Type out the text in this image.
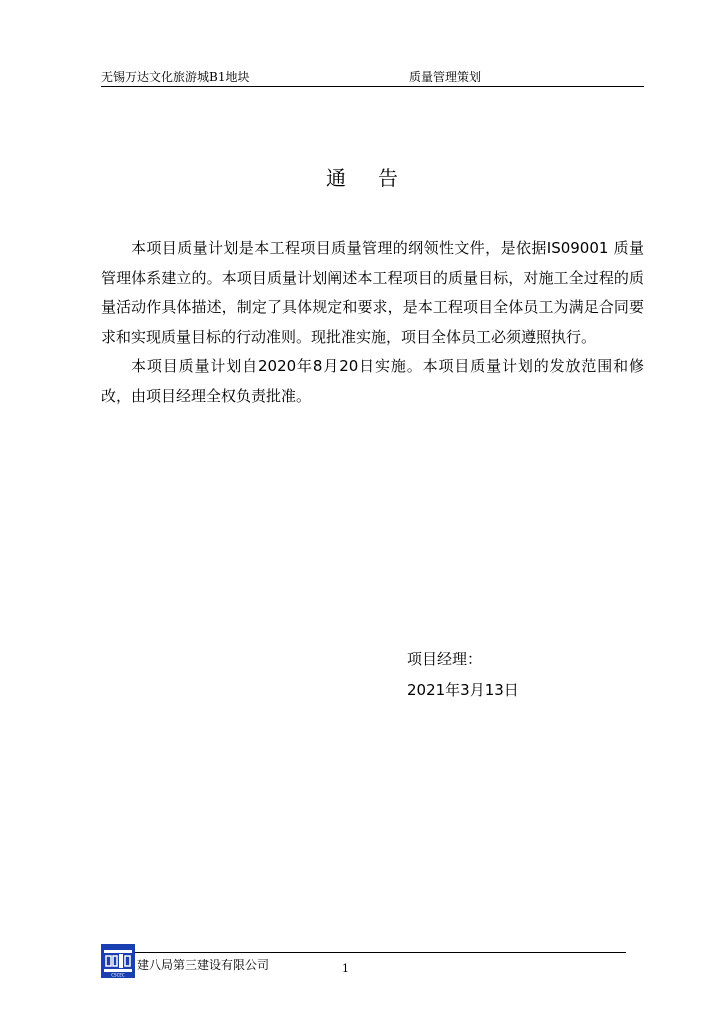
无锡万达文化旅游城B1地块	质量管理策划
通告

本项目质量计划是本工程项目质量管理的纲领性文件，是依据IS09001 质量管理体系建立的。本项目质量计划阐述本工程项目的质量目标，对施工全过程的质量活动作具体描述，制定了具体规定和要求，是本工程项目全体员工为满足合同要求和实现质量目标的行动准则。现批准实施，项目全体员工必须遵照执行。

本项目质量计划自2020年8月20日实施。本项目质量计划的发放范围和修改，由项目经理全权负责批准。

项目经理：
2021年3月13日
CSCEC
建八局第三建设有限公司	1
